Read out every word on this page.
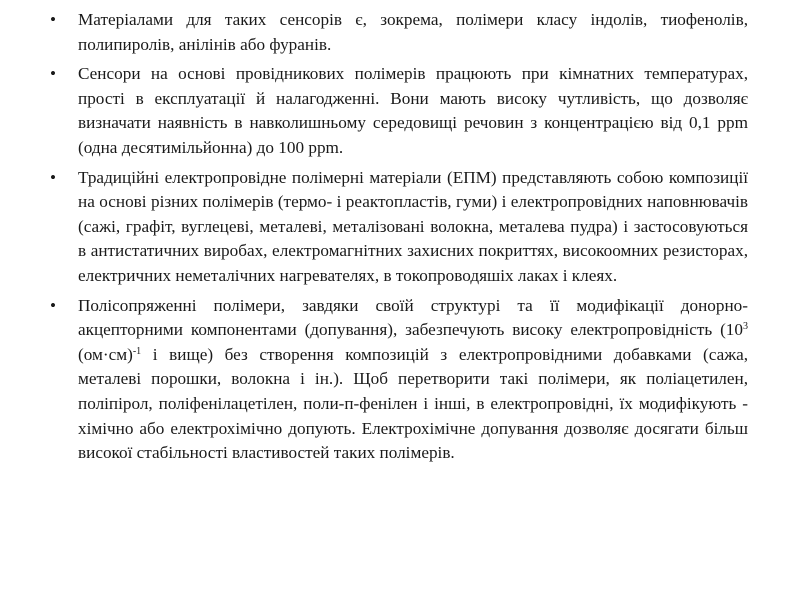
•	Матеріалами для таких сенсорів є, зокрема, полімери класу індолів, тиофенолів, полипиролів, анілінів або фуранів.
•	Сенсори на основі провідникових полімерів працюють при кімнатних температурах, прості в експлуатації й налагодженні. Вони мають високу чутливість, що дозволяє визначати наявність в навколишньому середовищі речовин з концентрацією від 0,1 ppm (одна десятимільйонна) до 100 ppm.
•	Традиційні електропровідне полімерні матеріали (ЕПМ) представляють собою композиції на основі різних полімерів (термо- і реактопластів, гуми) і електропровідних наповнювачів (сажі, графіт, вуглецеві, металеві, металізовані волокна, металева пудра) і застосовуються в антистатичних виробах, електромагнітних захисних покриттях, високоомних резисторах, електричних неметалічних нагревателях, в токопроводяшіх лаках і клеях.
•	Полісопряженні полімери, завдяки своїй структурі та її модифікації донорно-акцепторними компонентами (допування), забезпечують високу електропровідність ($10^3$ $(ом\cdot см)^{-1}$ і вище) без створення композицій з електропровідними добавками (сажа, металеві порошки, волокна і ін.). Щоб перетворити такі полімери, як поліацетилен, поліпірол, поліфенілацетілен, поли-п-фенілен і інші, в електропровідні, їх модифікують - хімічно або електрохімічно допують. Електрохімічне допування дозволяє досягати більш високої стабільності властивостей таких полімерів.
